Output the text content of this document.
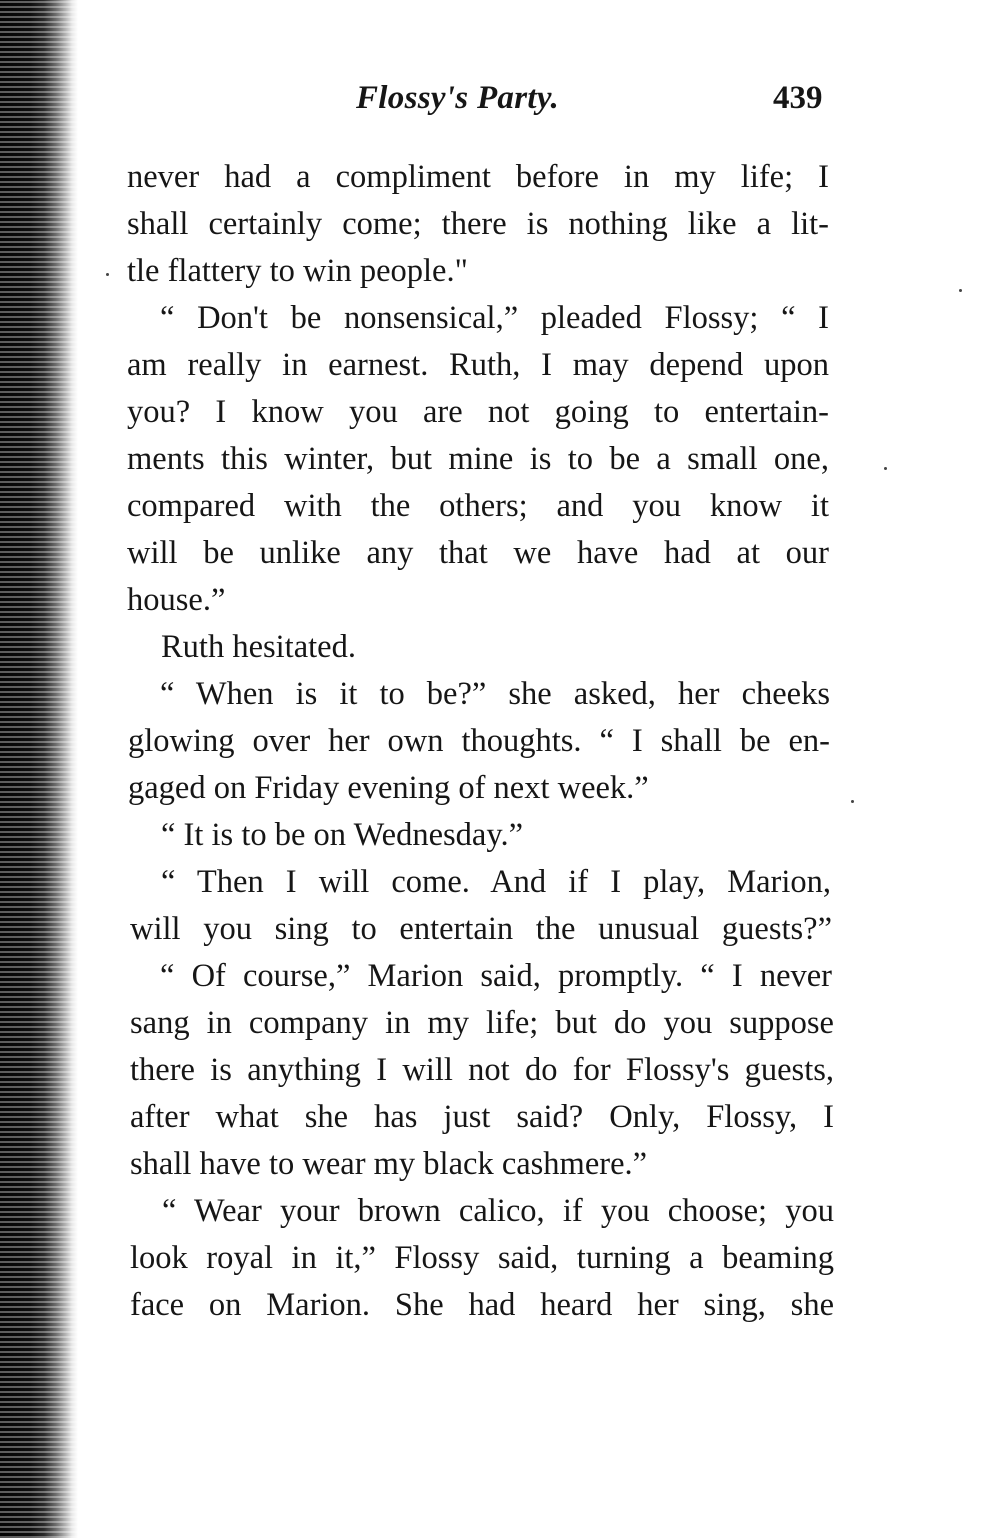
Flossy's Party.	439
never had a compliment before in my life; I
shall certainly come; there is nothing like a lit-
tle flattery to win people."
“ Don't be nonsensical,” pleaded Flossy; “ I
am really in earnest. Ruth, I may depend upon
you? I know you are not going to entertain-
ments this winter, but mine is to be a small one,
compared with the others; and you know it
will be unlike any that we have had at our
house.”
Ruth hesitated.
“ When is it to be?” she asked, her cheeks
glowing over her own thoughts. “ I shall be en-
gaged on Friday evening of next week.”
“ It is to be on Wednesday.”
“ Then I will come. And if I play, Marion,
will you sing to entertain the unusual guests?”
“ Of course,” Marion said, promptly. “ I never
sang in company in my life; but do you suppose
there is anything I will not do for Flossy's guests,
after what she has just said? Only, Flossy, I
shall have to wear my black cashmere.”
“ Wear your brown calico, if you choose; you
look royal in it,” Flossy said, turning a beaming
face on Marion. She had heard her sing, she
